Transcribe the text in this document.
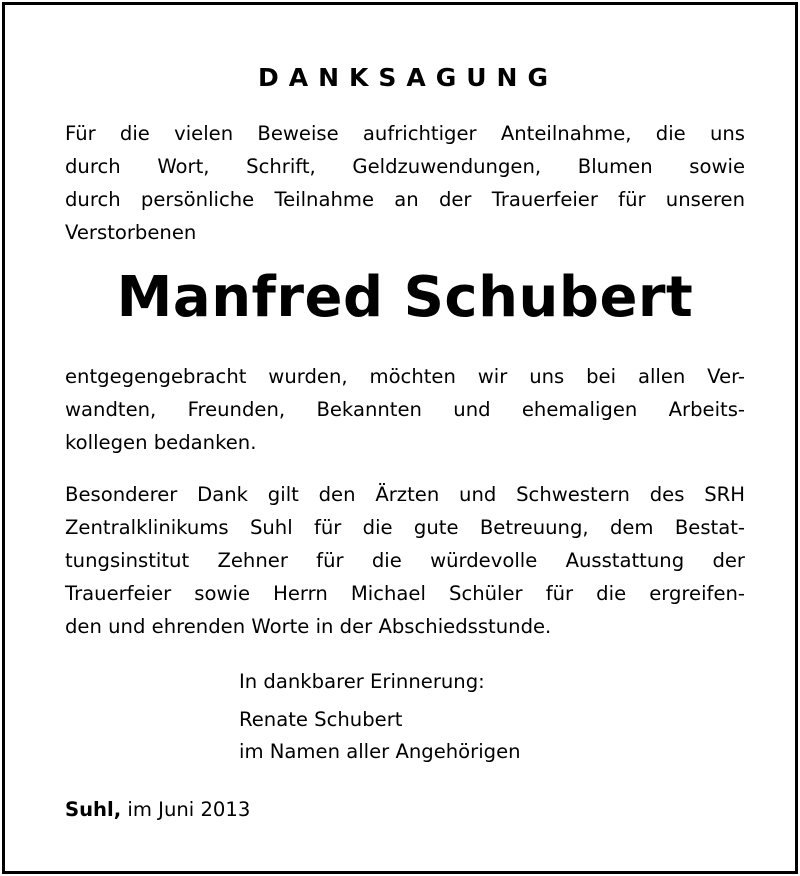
DANKSAGUNG
Für die vielen Beweise aufrichtiger Anteilnahme, die uns
durch Wort, Schrift, Geldzuwendungen, Blumen sowie
durch persönliche Teilnahme an der Trauerfeier für unseren
Verstorbenen
Manfred Schubert
entgegengebracht wurden, möchten wir uns bei allen Ver-
wandten, Freunden, Bekannten und ehemaligen Arbeits-
kollegen bedanken.
Besonderer Dank gilt den Ärzten und Schwestern des SRH
Zentralklinikums Suhl für die gute Betreuung, dem Bestat-
tungsinstitut Zehner für die würdevolle Ausstattung der
Trauerfeier sowie Herrn Michael Schüler für die ergreifen-
den und ehrenden Worte in der Abschiedsstunde.
In dankbarer Erinnerung:
Renate Schubert
im Namen aller Angehörigen
Suhl, im Juni 2013
